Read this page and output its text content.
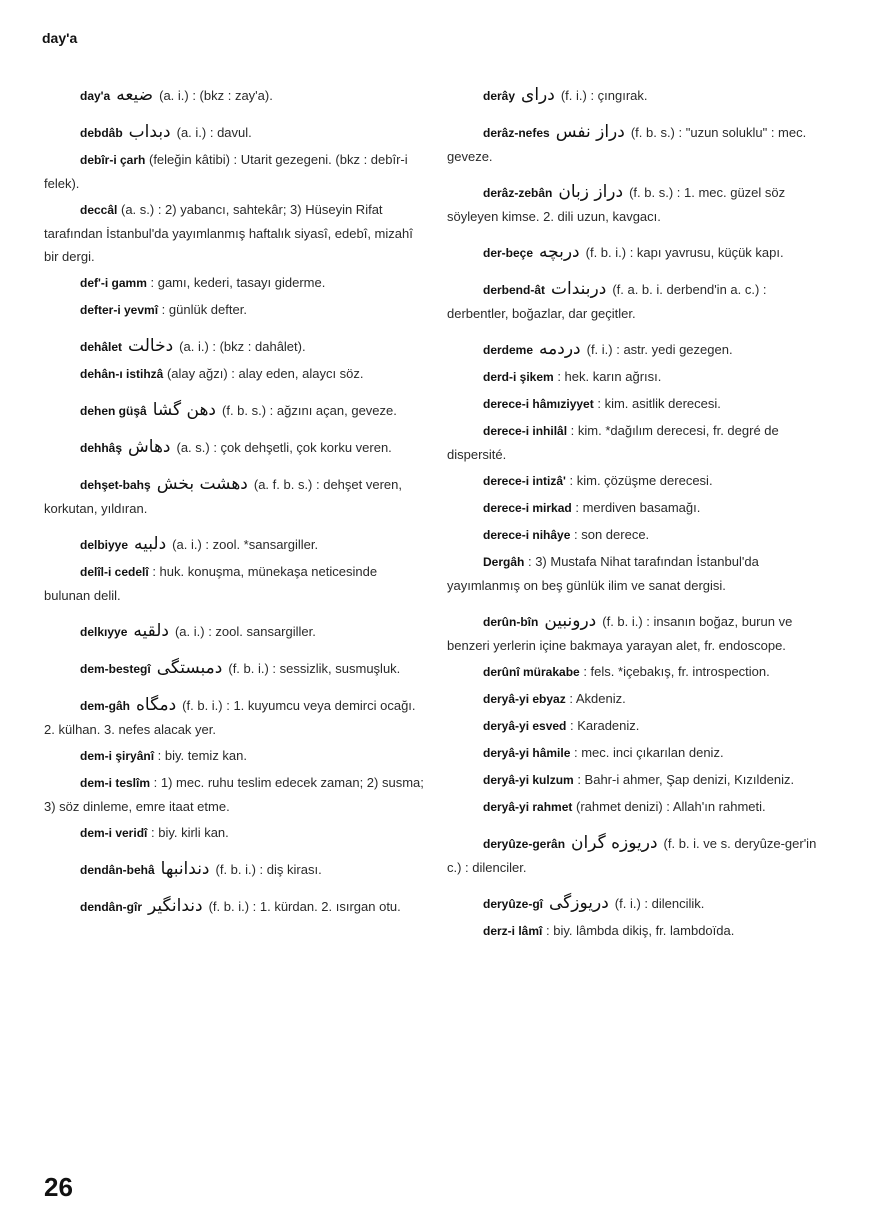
day'a
day'a ضيعه (a. i.) : (bkz : zay'a).
debdâb دبداب (a. i.) : davul.
debîr-i çarh (feleğin kâtibi) : Utarit gezegeni. (bkz : debîr-i felek).
deccâl (a. s.) : 2) yabancı, sahtekâr; 3) Hüseyin Rifat tarafından İstanbul'da yayımlanmış haftalık siyasî, edebî, mizahî bir dergi.
def'-i gamm : gamı, kederi, tasayı giderme.
defter-i yevmî : günlük defter.
dehâlet دخالت (a. i.) : (bkz : dahâlet).
dehân-ı istihzâ (alay ağzı) : alay eden, alaycı söz.
dehen güşâ دهن گشا (f. b. s.) : ağzını açan, geveze.
dehhâş دهاش (a. s.) : çok dehşetli, çok korku veren.
dehşet-bahş دهشت بخش (a. f. b. s.) : dehşet veren, korkutan, yıldıran.
delbiyye دلبيه (a. i.) : zool. *sansargiller.
delîl-i cedelî : huk. konuşma, münekaşa neticesinde bulunan delil.
delkıyye دلقيه (a. i.) : zool. sansargiller.
dem-bestegî دمبستگی (f. b. i.) : sessizlik, susmuşluk.
dem-gâh دمگاه (f. b. i.) : 1. kuyumcu veya demirci ocağı. 2. külhan. 3. nefes alacak yer.
dem-i şiryânî : biy. temiz kan.
dem-i teslîm : 1) mec. ruhu teslim edecek zaman; 2) susma; 3) söz dinleme, emre itaat etme.
dem-i veridî : biy. kirli kan.
dendân-behâ دندانبها (f. b. i.) : diş kirası.
dendân-gîr دندانگير (f. b. i.) : 1. kürdan. 2. ısırgan otu.
derây درای (f. i.) : çıngırak.
derâz-nefes دراز نفس (f. b. s.) : "uzun soluklu" : mec. geveze.
derâz-zebân دراز زبان (f. b. s.) : 1. mec. güzel söz söyleyen kimse. 2. dili uzun, kavgacı.
der-beçe دربچه (f. b. i.) : kapı yavrusu, küçük kapı.
derbend-ât دربندات (f. a. b. i. derbend'in a. c.) : derbentler, boğazlar, dar geçitler.
derdeme دردمه (f. i.) : astr. yedi gezegen.
derd-i şikem : hek. karın ağrısı.
derece-i hâmıziyyet : kim. asitlik derecesi.
derece-i inhilâl : kim. *dağılım derecesi, fr. degré de dispersité.
derece-i intizâ' : kim. çözüşme derecesi.
derece-i mirkad : merdiven basamağı.
derece-i nihâye : son derece.
Dergâh : 3) Mustafa Nihat tarafından İstanbul'da yayımlanmış on beş günlük ilim ve sanat dergisi.
derûn-bîn درونبين (f. b. i.) : insanın boğaz, burun ve benzeri yerlerin içine bakmaya yarayan alet, fr. endoscope.
derûnî mürakabe : fels. *içebakış, fr. introspection.
deryâ-yi ebyaz : Akdeniz.
deryâ-yi esved : Karadeniz.
deryâ-yi hâmile : mec. inci çıkarılan deniz.
deryâ-yi kulzum : Bahr-i ahmer, Şap denizi, Kızıldeniz.
deryâ-yi rahmet (rahmet denizi) : Allah'ın rahmeti.
deryûze-gerân دریوزه گران (f. b. i. ve s. deryûze-ger'in c.) : dilenciler.
deryûze-gî دریوزگی (f. i.) : dilencilik.
derz-i lâmî : biy. lâmbda dikiş, fr. lambdoïda.
26
